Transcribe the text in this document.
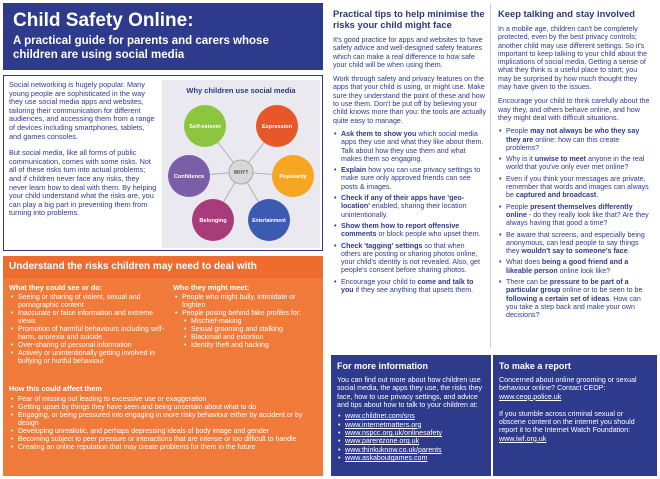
Child Safety Online:
A practical guide for parents and carers whose children are using social media

Social networking is hugely popular. Many young people are sophisticated in the way they use social media apps and websites, tailoring their communication for different audiences, and accessing them from a range of devices including smartphones, tablets, and games consoles.

But social media, like all forms of public communication, comes with some risks. Not all of these risks turn into actual problems; and if children never face any risks, they never learn how to deal with them. By helping your child understand what the risks are, you can play a big part in preventing them from turning into problems.

Why children use social media
Self-esteem	Expression
Confidence	Popularity
Belonging	Entertainment
WHY?
Understand the risks children may need to deal with
What they could see or do:
• Seeing or sharing of violent, sexual and pornographic content
• Inaccurate or false information and extreme views
• Promotion of harmful behaviours including self-harm, anorexia and suicide
• Over-sharing of personal information
• Actively or unintentionally getting involved in bullying or hurtful behaviour
Who they might meet:
• People who might bully, intimidate or frighten
• People posing behind fake profiles for:
• Mischief-making
• Sexual grooming and stalking
• Blackmail and extortion
• Identity theft and hacking
How this could affect them
• Fear of missing out leading to excessive use or exaggeration
• Getting upset by things they have seen and being uncertain about what to do
• Engaging, or being pressured into engaging in more risky behaviour either by accident or by design
• Developing unrealistic, and perhaps depressing ideals of body image and gender
• Becoming subject to peer pressure or interactions that are intense or too difficult to handle
• Creating an online reputation that may create problems for them in the future
Practical tips to help minimise the risks your child might face

It's good practice for apps and websites to have safety advice and well-designed safety features which can make a real difference to how safe your child will be when using them.

Work through safety and privacy features on the apps that your child is using, or might use. Make sure they understand the point of these and how to use them. Don't be put off by believing your child knows more than you: the tools are actually quite easy to manage.

• Ask them to show you which social media apps they use and what they like about them. Talk about how they use them and what makes them so engaging.
• Explain how you can use privacy settings to make sure only approved friends can see posts & images.
• Check if any of their apps have 'geo-location' enabled, sharing their location unintentionally.
• Show them how to report offensive comments or block people who upset them.
• Check 'tagging' settings so that when others are posting or sharing photos online, your child's identity is not revealed. Also, get people's consent before sharing photos.
• Encourage your child to come and talk to you if they see anything that upsets them.
Keep talking and stay involved

In a mobile age, children can't be completely protected, even by the best privacy controls; another child may use different settings. So it's important to keep talking to your child about the implications of social media. Getting a sense of what they think is a useful place to start; you may be surprised by how much thought they may have given to the issues.

Encourage your child to think carefully about the way they, and others behave online, and how they might deal with difficult situations.

• People may not always be who they say they are online: how can this create problems?
• Why is it unwise to meet anyone in the real world that you've only ever met online?
• Even if you think your messages are private, remember that words and images can always be captured and broadcast.
• People present themselves differently online - do they really look like that? Are they always having that good a time?
• Be aware that screens, and especially being anonymous, can lead people to say things they wouldn't say to someone's face.
• What does being a good friend and a likeable person online look like?
• There can be pressure to be part of a particular group online or to be seen to be following a certain set of ideas. How can you take a step back and make your own decisions?
For more information
You can find out more about how children use social media, the apps they use, the risks they face, how to use privacy settings, and advice and tips about how to talk to your children at:
• www.childnet.com/sns
• www.internetmatters.org
• www.nspcc.org.uk/onlinesafety
• www.parentzone.org.uk
• www.thinkuknow.co.uk/parents
• www.askaboutgames.com
To make a report
Concerned about online grooming or sexual behaviour online? Contact CEOP:
www.ceop.police.uk
If you stumble across criminal sexual or obscene content on the internet you should report it to the Internet Watch Foundation:
www.iwf.org.uk
